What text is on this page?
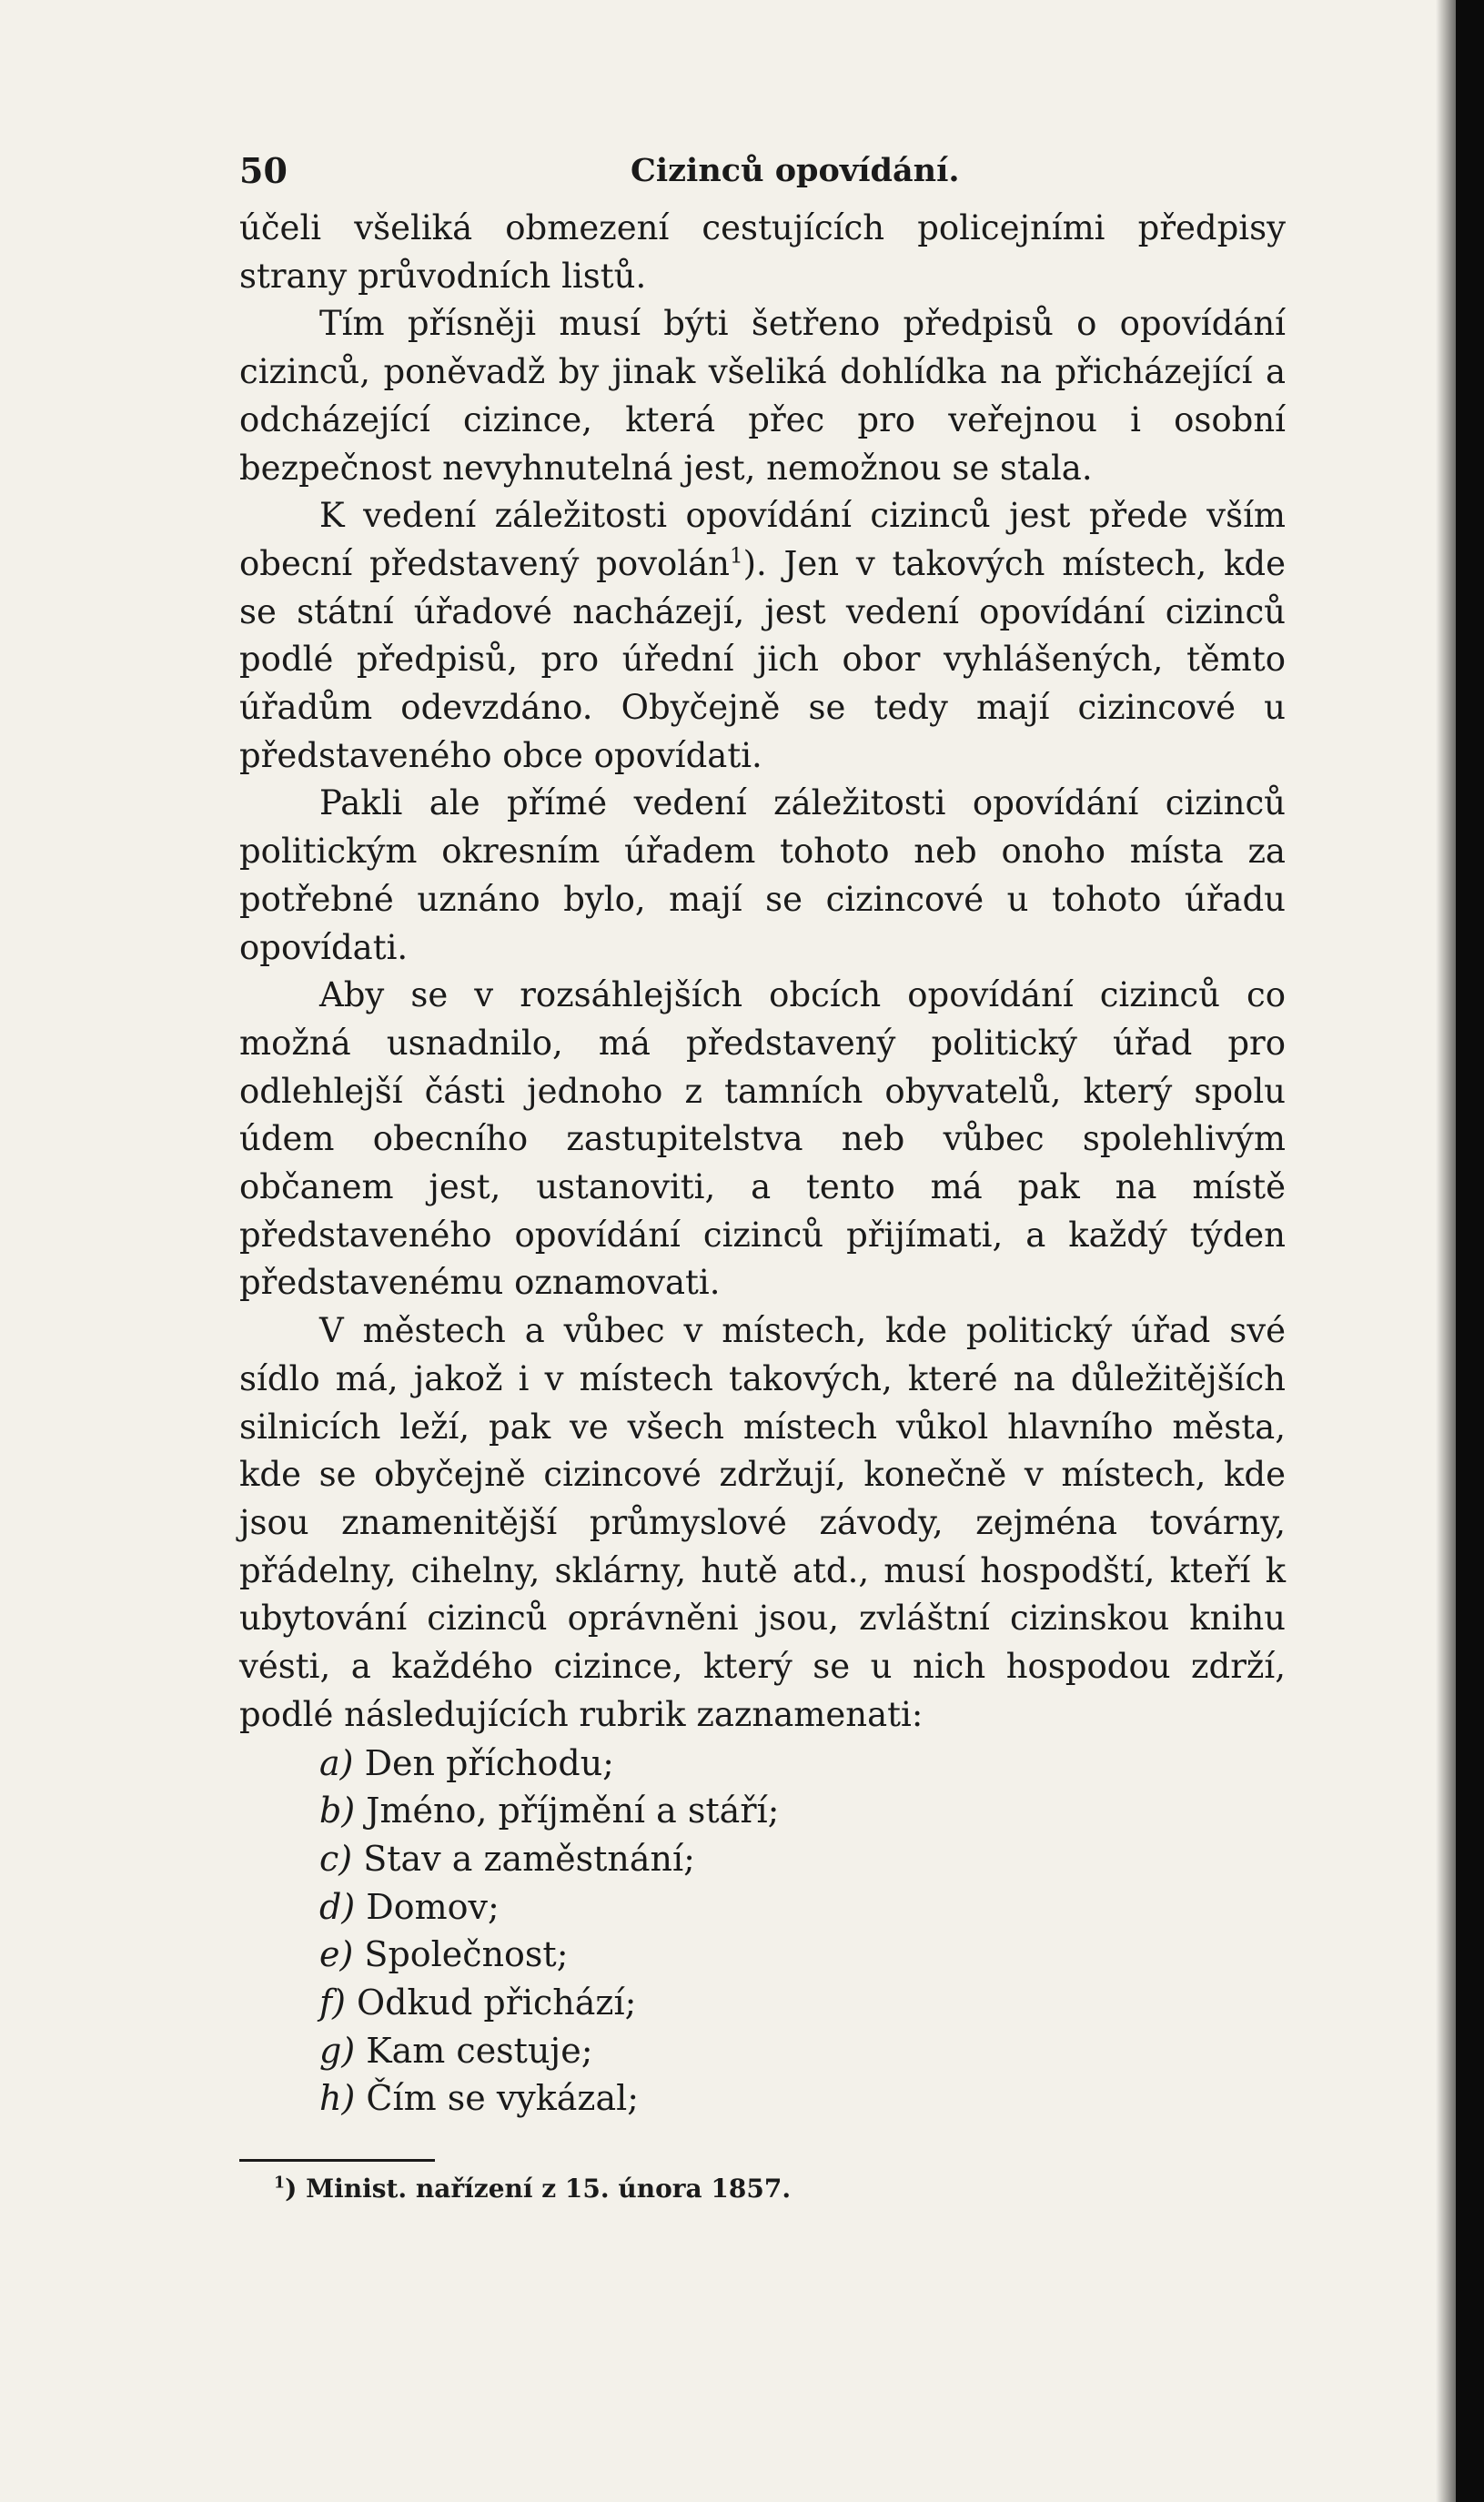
50	Cizinců opovídání.

účeli všeliká obmezení cestujících policejními předpisy strany průvodních listů.

Tím přísněji musí býti šetřeno předpisů o opovídání cizinců, poněvadž by jinak všeliká dohlídka na přicházející a odcházející cizince, která přec pro veřejnou i osobní bezpečnost nevyhnutelná jest, nemožnou se stala.

K vedení záležitosti opovídání cizinců jest přede vším obecní představený povolán$^1$). Jen v takových místech, kde se státní úřadové nacházejí, jest vedení opovídání cizinců podlé předpisů, pro úřední jich obor vyhlášených, těmto úřadům odevzdáno. Obyčejně se tedy mají cizincové u představeného obce opovídati.

Pakli ale přímé vedení záležitosti opovídání cizinců politickým okresním úřadem tohoto neb onoho místa za potřebné uznáno bylo, mají se cizincové u tohoto úřadu opovídati.

Aby se v rozsáhlejších obcích opovídání cizinců co možná usnadnilo, má představený politický úřad pro odlehlejší části jednoho z tamních obyvatelů, který spolu údem obecního zastupitelstva neb vůbec spolehlivým občanem jest, ustanoviti, a tento má pak na místě představeného opovídání cizinců přijímati, a každý týden představenému oznamovati.

V městech a vůbec v místech, kde politický úřad své sídlo má, jakož i v místech takových, které na důležitějších silnicích leží, pak ve všech místech vůkol hlavního města, kde se obyčejně cizincové zdržují, konečně v místech, kde jsou znamenitější průmyslové závody, zejména továrny, přádelny, cihelny, sklárny, hutě atd., musí hospodští, kteří k ubytování cizinců oprávněni jsou, zvláštní cizinskou knihu vésti, a každého cizince, který se u nich hospodou zdrží, podlé následujících rubrik zaznamenati:

a) Den příchodu;
b) Jméno, příjmění a stáří;
c) Stav a zaměstnání;
d) Domov;
e) Společnost;
f) Odkud přichází;
g) Kam cestuje;
h) Čím se vykázal;

$^1$) Minist. nařízení z 15. února 1857.
